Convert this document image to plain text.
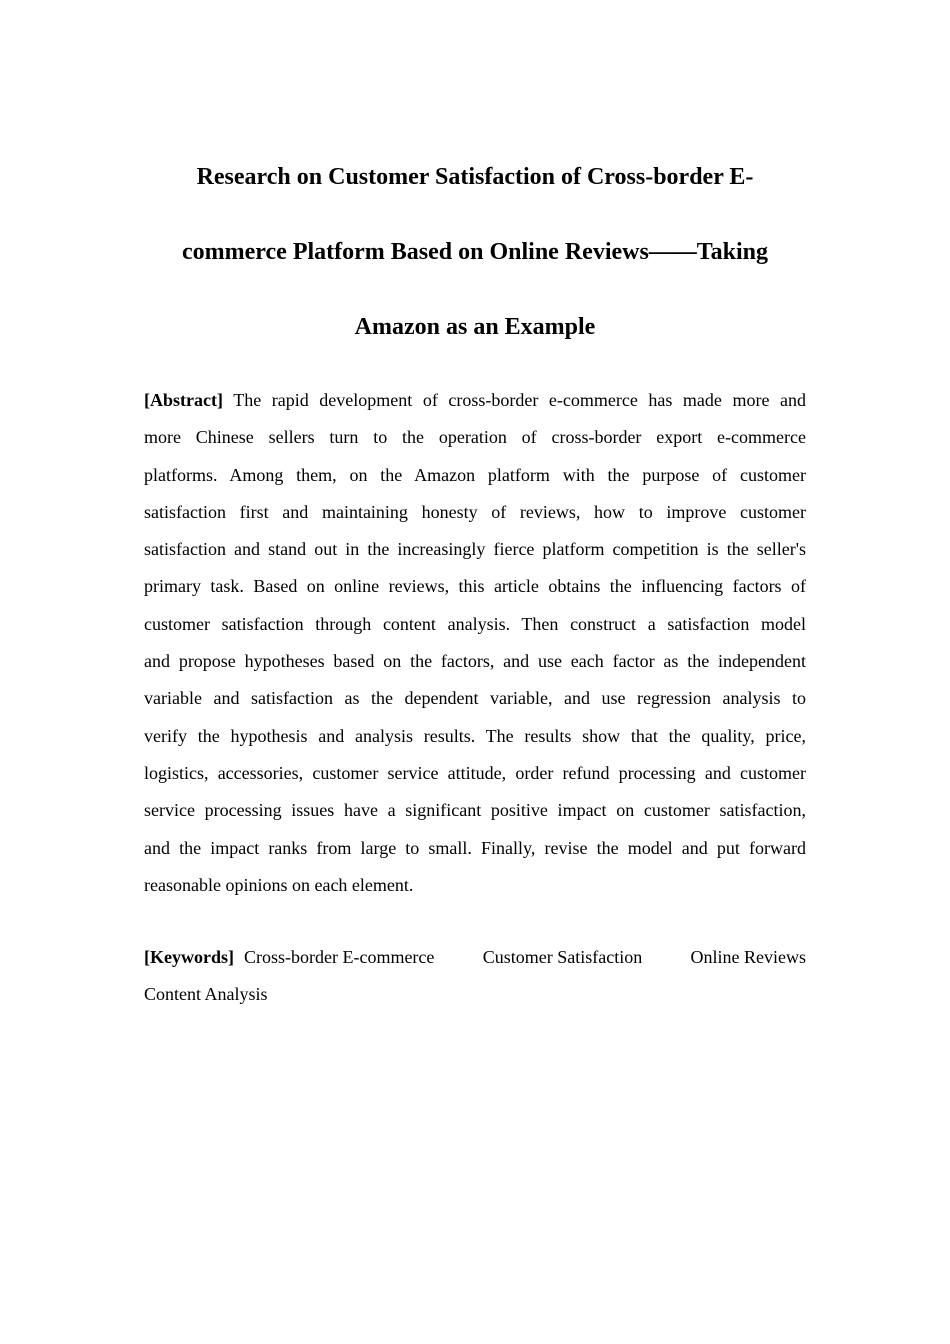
Research on Customer Satisfaction of Cross-border E-
commerce Platform Based on Online Reviews——Taking
Amazon as an Example
[Abstract] The rapid development of cross-border e-commerce has made more and
more Chinese sellers turn to the operation of cross-border export e-commerce
platforms. Among them, on the Amazon platform with the purpose of customer
satisfaction first and maintaining honesty of reviews, how to improve customer
satisfaction and stand out in the increasingly fierce platform competition is the seller's
primary task. Based on online reviews, this article obtains the influencing factors of
customer satisfaction through content analysis. Then construct a satisfaction model
and propose hypotheses based on the factors, and use each factor as the independent
variable and satisfaction as the dependent variable, and use regression analysis to
verify the hypothesis and analysis results. The results show that the quality, price,
logistics, accessories, customer service attitude, order refund processing and customer
service processing issues have a significant positive impact on customer satisfaction,
and the impact ranks from large to small. Finally, revise the model and put forward
reasonable opinions on each element.
[Keywords] Cross-border E-commerce	Customer Satisfaction	Online Reviews
Content Analysis
